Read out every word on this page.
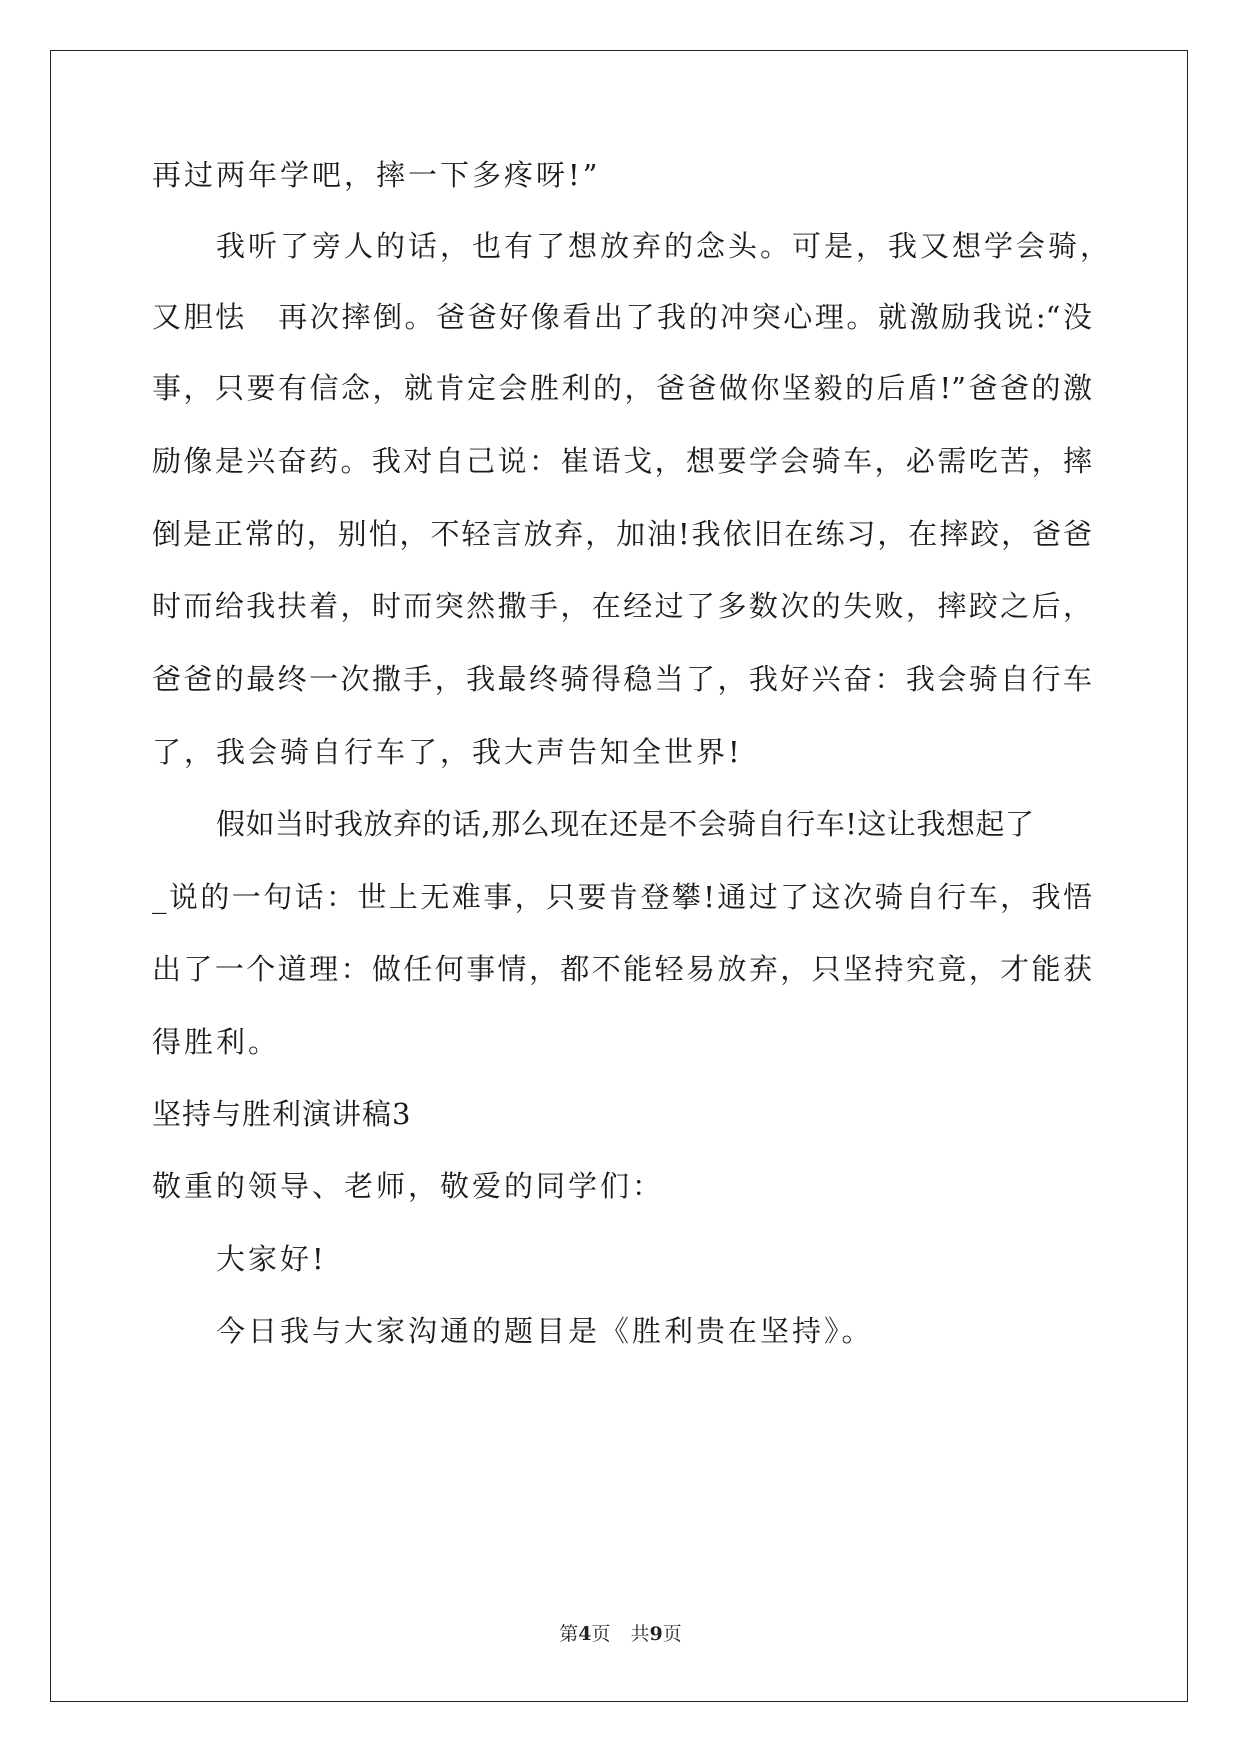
再过两年学吧，摔一下多疼呀!”
我听了旁人的话，也有了想放弃的念头。可是，我又想学会骑，
又胆怯　再次摔倒。爸爸好像看出了我的冲突心理。就激励我说:“没
事，只要有信念，就肯定会胜利的，爸爸做你坚毅的后盾!”爸爸的激
励像是兴奋药。我对自己说：崔语戈，想要学会骑车，必需吃苦，摔
倒是正常的，别怕，不轻言放弃，加油!我依旧在练习，在摔跤，爸爸
时而给我扶着，时而突然撒手，在经过了多数次的失败，摔跤之后，
爸爸的最终一次撒手，我最终骑得稳当了，我好兴奋：我会骑自行车
了，我会骑自行车了，我大声告知全世界!
假如当时我放弃的话,那么现在还是不会骑自行车!这让我想起了
_说的一句话：世上无难事，只要肯登攀!通过了这次骑自行车，我悟
出了一个道理：做任何事情，都不能轻易放弃，只坚持究竟，才能获
得胜利。
坚持与胜利演讲稿3
敬重的领导、老师，敬爱的同学们：
大家好!
今日我与大家沟通的题目是《胜利贵在坚持》。
第4页 共9页
